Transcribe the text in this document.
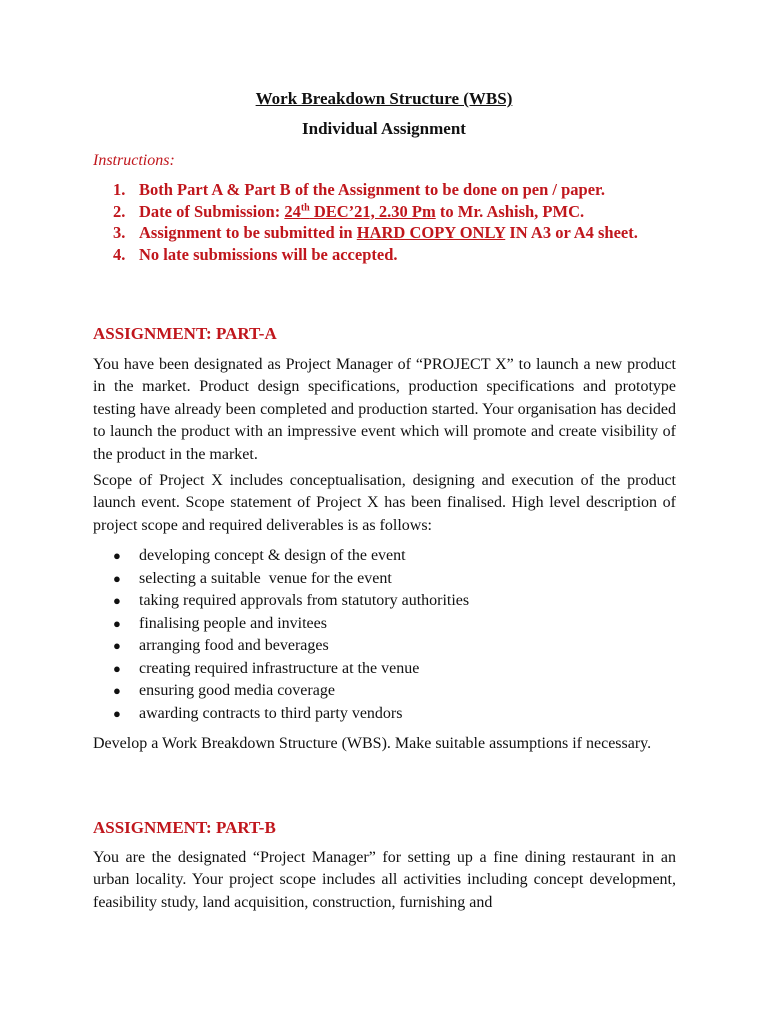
Work Breakdown Structure (WBS)
Individual Assignment
Instructions:
1. Both Part A & Part B of the Assignment to be done on pen / paper.
2. Date of Submission: 24th DEC’21, 2.30 Pm to Mr. Ashish, PMC.
3. Assignment to be submitted in HARD COPY ONLY IN A3 or A4 sheet.
4. No late submissions will be accepted.
ASSIGNMENT: PART-A
You have been designated as Project Manager of “PROJECT X” to launch a new product in the market. Product design specifications, production specifications and prototype testing have already been completed and production started. Your organisation has decided to launch the product with an impressive event which will promote and create visibility of the product in the market.
Scope of Project X includes conceptualisation, designing and execution of the product launch event. Scope statement of Project X has been finalised. High level description of project scope and required deliverables is as follows:
●	developing concept & design of the event
●	selecting a suitable  venue for the event
●	taking required approvals from statutory authorities
●	finalising people and invitees
●	arranging food and beverages
●	creating required infrastructure at the venue
●	ensuring good media coverage
●	awarding contracts to third party vendors
Develop a Work Breakdown Structure (WBS). Make suitable assumptions if necessary.
ASSIGNMENT: PART-B
You are the designated “Project Manager” for setting up a fine dining restaurant in an urban locality. Your project scope includes all activities including concept development, feasibility study, land acquisition, construction, furnishing and
